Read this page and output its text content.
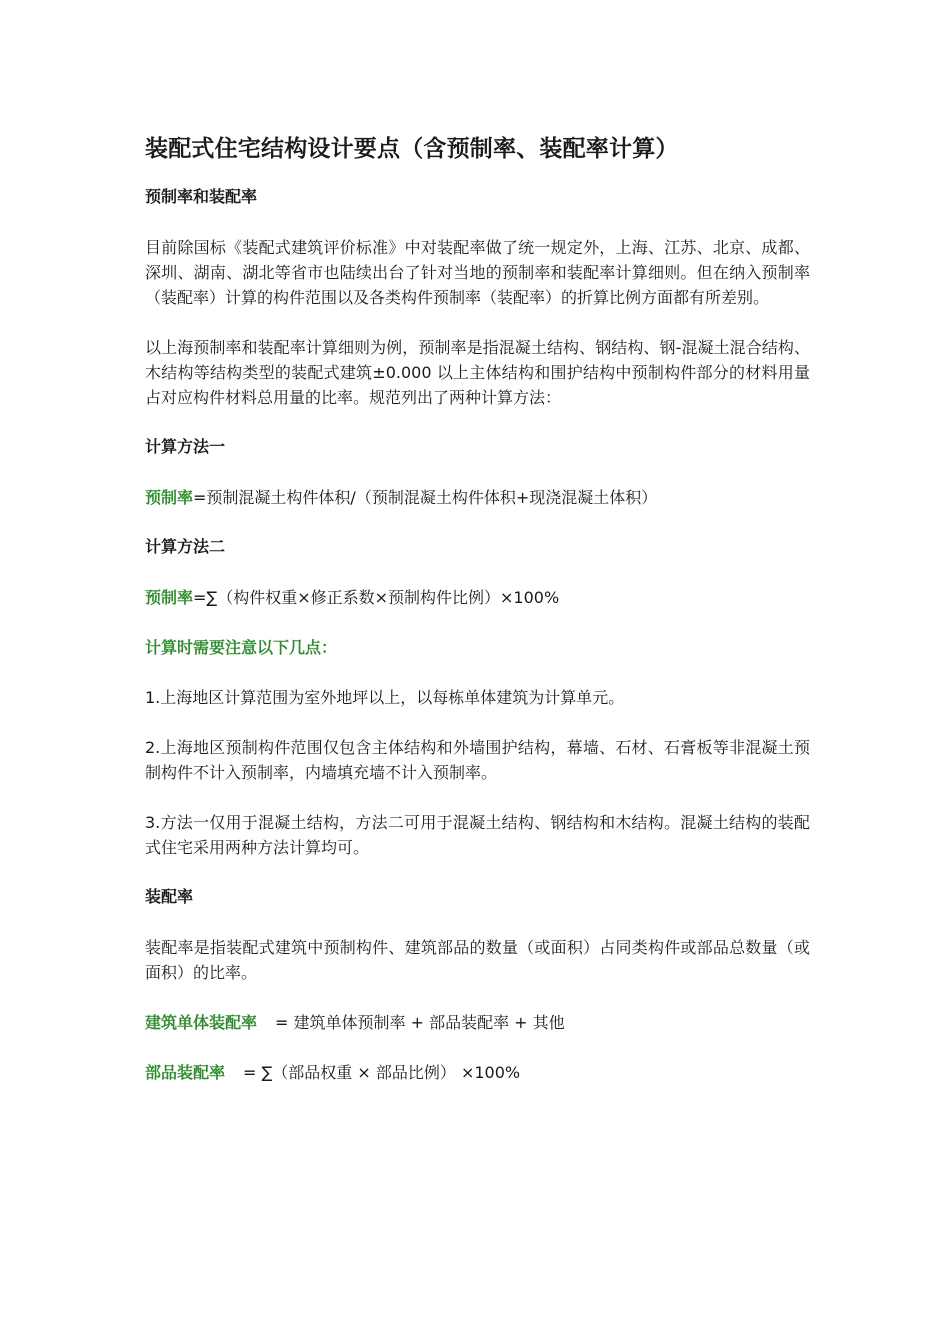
装配式住宅结构设计要点（含预制率、装配率计算）
预制率和装配率

目前除国标《装配式建筑评价标准》中对装配率做了统一规定外，上海、江苏、北京、成都、深圳、湖南、湖北等省市也陆续出台了针对当地的预制率和装配率计算细则。但在纳入预制率（装配率）计算的构件范围以及各类构件预制率（装配率）的折算比例方面都有所差别。

以上海预制率和装配率计算细则为例，预制率是指混凝土结构、钢结构、钢-混凝土混合结构、木结构等结构类型的装配式建筑±0.000 以上主体结构和围护结构中预制构件部分的材料用量占对应构件材料总用量的比率。规范列出了两种计算方法：

计算方法一
预制率=预制混凝土构件体积/（预制混凝土构件体积+现浇混凝土体积）
计算方法二
预制率=∑（构件权重×修正系数×预制构件比例）×100%
计算时需要注意以下几点：

1.上海地区计算范围为室外地坪以上，以每栋单体建筑为计算单元。

2.上海地区预制构件范围仅包含主体结构和外墙围护结构，幕墙、石材、石膏板等非混凝土预制构件不计入预制率，内墙填充墙不计入预制率。

3.方法一仅用于混凝土结构，方法二可用于混凝土结构、钢结构和木结构。混凝土结构的装配式住宅采用两种方法计算均可。

装配率

装配率是指装配式建筑中预制构件、建筑部品的数量（或面积）占同类构件或部品总数量（或面积）的比率。

建筑单体装配率 = 建筑单体预制率 + 部品装配率 + 其他
部品装配率 = ∑（部品权重 × 部品比例） ×100%
